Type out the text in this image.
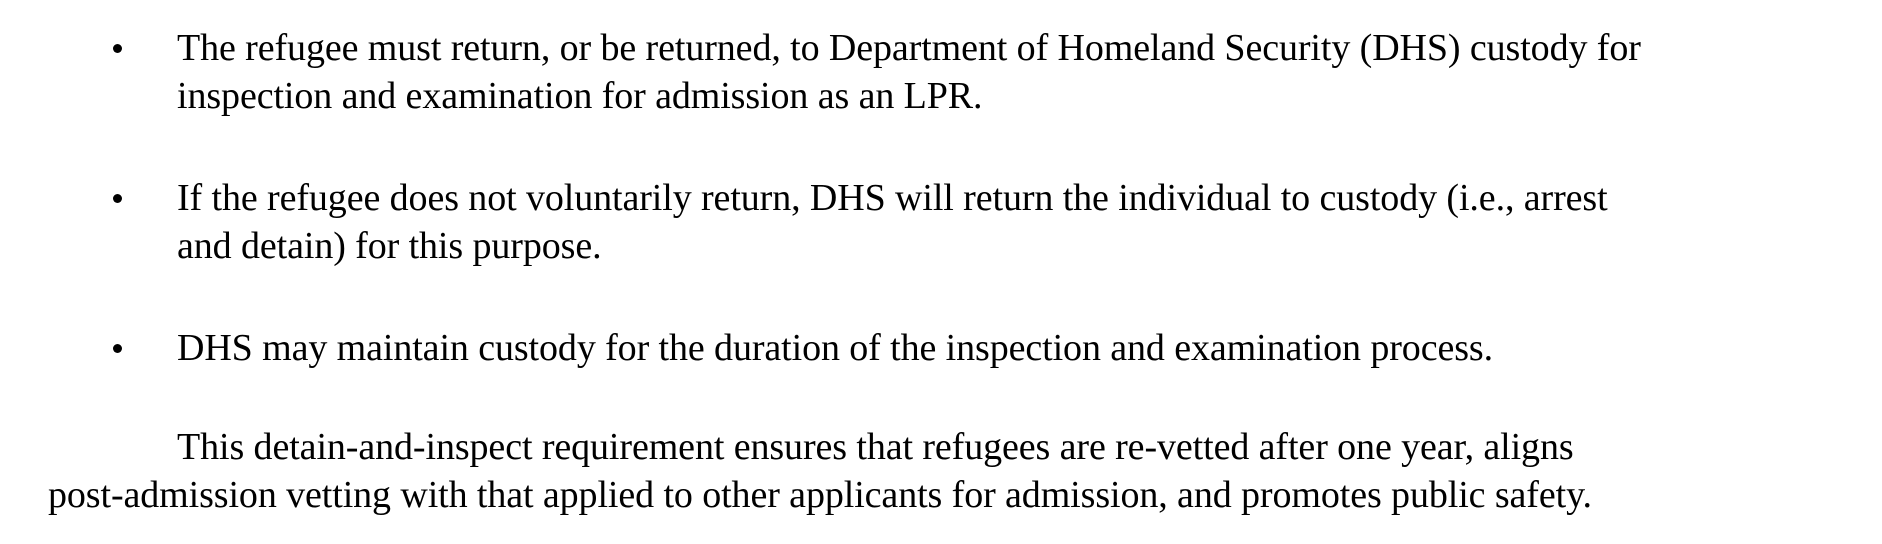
The refugee must return, or be returned, to Department of Homeland Security (DHS) custody for
inspection and examination for admission as an LPR.

If the refugee does not voluntarily return, DHS will return the individual to custody (i.e., arrest
and detain) for this purpose.

DHS may maintain custody for the duration of the inspection and examination process.

This detain-and-inspect requirement ensures that refugees are re-vetted after one year, aligns
post-admission vetting with that applied to other applicants for admission, and promotes public safety.
